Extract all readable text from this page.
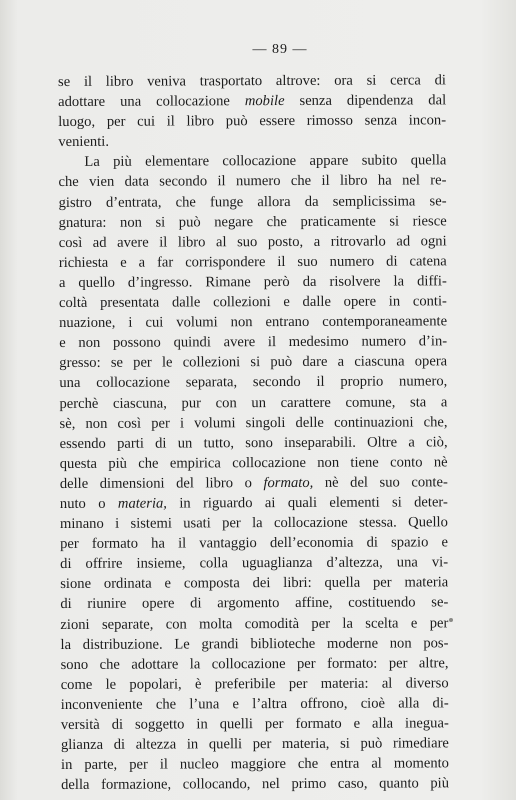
— 89 —
se il libro veniva trasportato altrove: ora si cerca di
adottare una collocazione mobile senza dipendenza dal
luogo, per cui il libro può essere rimosso senza incon-
venienti.
La più elementare collocazione appare subito quella
che vien data secondo il numero che il libro ha nel re-
gistro d’entrata, che funge allora da semplicissima se-
gnatura: non si può negare che praticamente si riesce
così ad avere il libro al suo posto, a ritrovarlo ad ogni
richiesta e a far corrispondere il suo numero di catena
a quello d’ingresso. Rimane però da risolvere la diffi-
coltà presentata dalle collezioni e dalle opere in conti-
nuazione, i cui volumi non entrano contemporaneamente
e non possono quindi avere il medesimo numero d’in-
gresso: se per le collezioni si può dare a ciascuna opera
una collocazione separata, secondo il proprio numero,
perchè ciascuna, pur con un carattere comune, sta a
sè, non così per i volumi singoli delle continuazioni che,
essendo parti di un tutto, sono inseparabili. Oltre a ciò,
questa più che empirica collocazione non tiene conto nè
delle dimensioni del libro o formato, nè del suo conte-
nuto o materia, in riguardo ai quali elementi si deter-
minano i sistemi usati per la collocazione stessa. Quello
per formato ha il vantaggio dell’economia di spazio e
di offrire insieme, colla uguaglianza d’altezza, una vi-
sione ordinata e composta dei libri: quella per materia
di riunire opere di argomento affine, costituendo se-
zioni separate, con molta comodità per la scelta e per
la distribuzione. Le grandi biblioteche moderne non pos-
sono che adottare la collocazione per formato: per altre,
come le popolari, è preferibile per materia: al diverso
inconveniente che l’una e l’altra offrono, cioè alla di-
versità di soggetto in quelli per formato e alla inegua-
glianza di altezza in quelli per materia, si può rimediare
in parte, per il nucleo maggiore che entra al momento
della formazione, collocando, nel primo caso, quanto più
